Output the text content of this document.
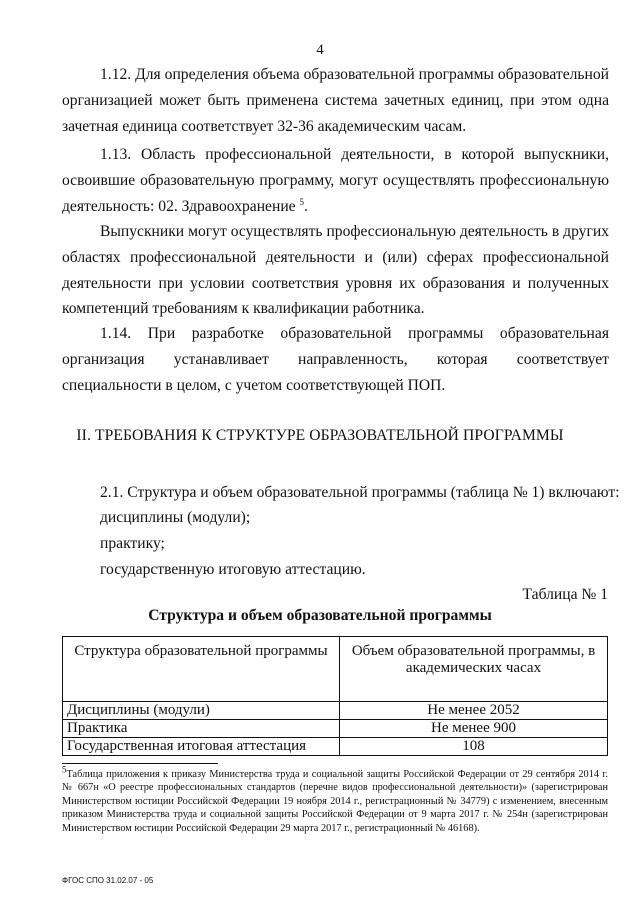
4
1.12. Для определения объема образовательной программы образовательной организацией может быть применена система зачетных единиц, при этом одна зачетная единица соответствует 32-36 академическим часам.
1.13. Область профессиональной деятельности, в которой выпускники, освоившие образовательную программу, могут осуществлять профессиональную деятельность: 02. Здравоохранение $^5$.
Выпускники могут осуществлять профессиональную деятельность в других областях профессиональной деятельности и (или) сферах профессиональной деятельности при условии соответствия уровня их образования и полученных компетенций требованиям к квалификации работника.
1.14. При разработке образовательной программы образовательная организация устанавливает направленность, которая соответствует специальности в целом, с учетом соответствующей ПОП.
II. ТРЕБОВАНИЯ К СТРУКТУРЕ ОБРАЗОВАТЕЛЬНОЙ ПРОГРАММЫ
2.1. Структура и объем образовательной программы (таблица № 1) включают:
дисциплины (модули);
практику;
государственную итоговую аттестацию.
Таблица № 1
Структура и объем образовательной программы
Структура образовательной программы	Объем образовательной программы, в академических часах
Дисциплины (модули)	Не менее 2052
Практика	Не менее 900
Государственная итоговая аттестация	108
$^5$Таблица приложения к приказу Министерства труда и социальной защиты Российской Федерации от 29 сентября 2014 г. № 667н «О реестре профессиональных стандартов (перечне видов профессиональной деятельности)» (зарегистрирован Министерством юстиции Российской Федерации 19 ноября 2014 г., регистрационный № 34779) с изменением, внесенным приказом Министерства труда и социальной защиты Российской Федерации от 9 марта 2017 г. № 254н (зарегистрирован Министерством юстиции Российской Федерации 29 марта 2017 г., регистрационный № 46168).
ФГОС СПО 31.02.07 - 05
